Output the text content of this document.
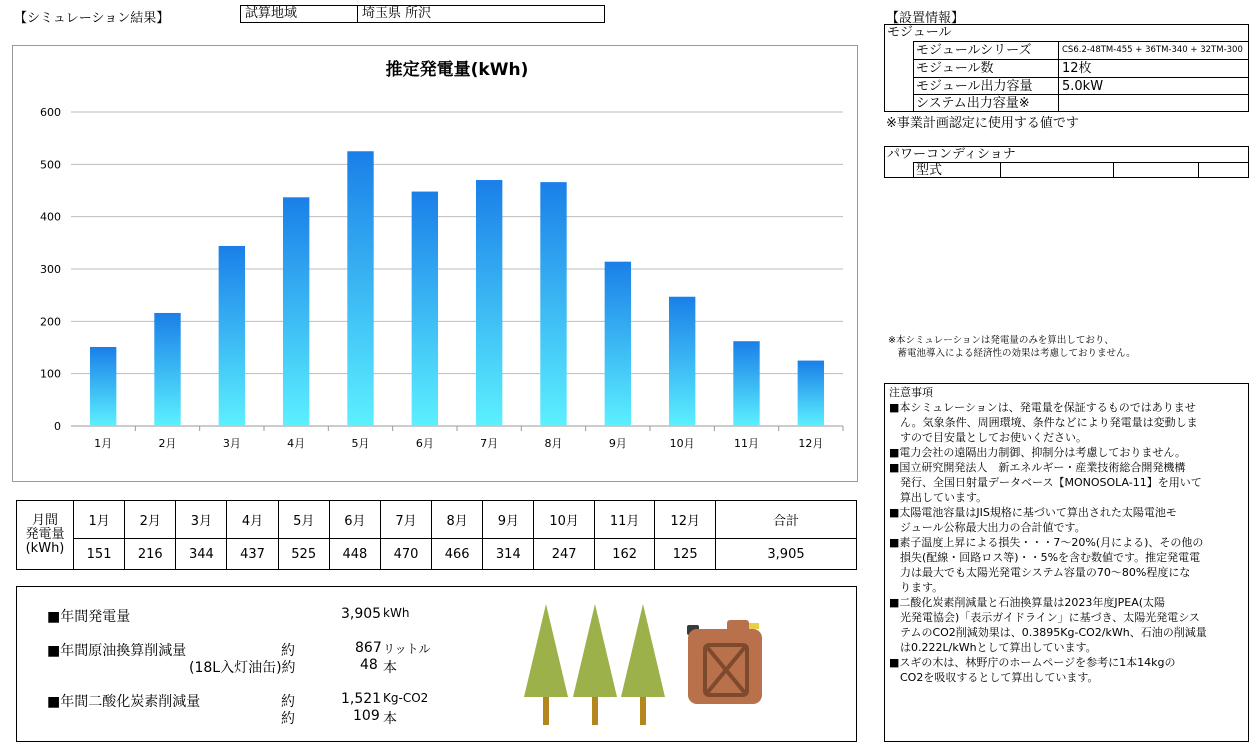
【シミュレーション結果】	試算地域	埼玉県 所沢
推定発電量(kWh)
0
100
200
300
400
500
600
1月	2月	3月	4月	5月	6月	7月	8月	9月	10月	11月	12月
月間
発電量
(kWh)	1月	2月	3月	4月	5月	6月	7月	8月	9月	10月	11月	12月	合計
	151	216	344	437	525	448	470	466	314	247	162	125	3,905
■年間発電量	3,905 kWh
■年間原油換算削減量	約	867 リットル
(18L入灯油缶)約	48 本
■年間二酸化炭素削減量	約	1,521 Kg-CO2
約	109 本
【設置情報】
モジュール
モジュールシリーズ	CS6.2-48TM-455 + 36TM-340 + 32TM-300
モジュール数	12枚
モジュール出力容量	5.0kW
システム出力容量※
※事業計画認定に使用する値です
パワーコンディショナ
型式
※本シミュレーションは発電量のみを算出しており、
　蓄電池導入による経済性の効果は考慮しておりません。
注意事項
■本シミュレーションは、発電量を保証するものではありませ
　ん。気象条件、周囲環境、条件などにより発電量は変動しま
　すので目安量としてお使いください。
■電力会社の遠隔出力制御、抑制分は考慮しておりません。
■国立研究開発法人　新エネルギー・産業技術総合開発機構
　発行、全国日射量データベース【MONOSOLA-11】を用いて
　算出しています。
■太陽電池容量はJIS規格に基づいて算出された太陽電池モ
　ジュール公称最大出力の合計値です。
■素子温度上昇による損失・・・7～20%(月による)、その他の
　損失(配線・回路ロス等)・・5%を含む数値です。推定発電電
　力は最大でも太陽光発電システム容量の70～80%程度にな
　ります。
■二酸化炭素削減量と石油換算量は2023年度JPEA(太陽
　光発電協会)「表示ガイドライン」に基づき、太陽光発電シス
　テムのCO2削減効果は、0.3895Kg-CO2/kWh、石油の削減量
　は0.222L/kWhとして算出しています。
■スギの木は、林野庁のホームページを参考に1本14kgの
　CO2を吸収するとして算出しています。
